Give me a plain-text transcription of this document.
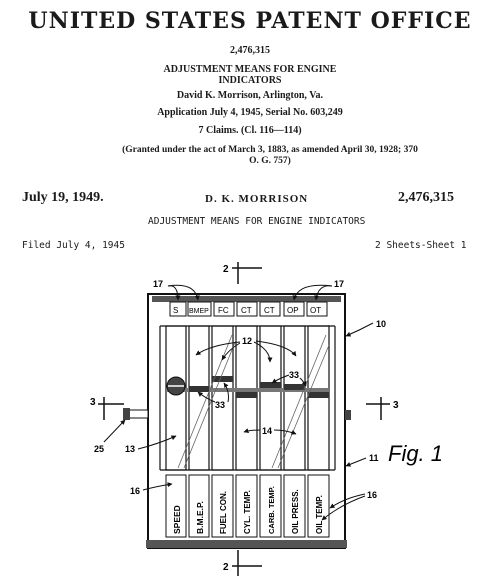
UNITED STATES PATENT OFFICE
2,476,315
ADJUSTMENT MEANS FOR ENGINE INDICATORS
David K. Morrison, Arlington, Va.
Application July 4, 1945, Serial No. 603,249
7 Claims. (Cl. 116—114)
(Granted under the act of March 3, 1883, as amended April 30, 1928; 370 O. G. 757)
July 19, 1949.	D. K. MORRISON	2,476,315
ADJUSTMENT MEANS FOR ENGINE INDICATORS
Filed July 4, 1945	2 Sheets-Sheet 1
2
S BMEP FC CT CT OP OT
25
3	3
SPEED B.M.E.P. FUEL CON. CYL. TEMP. CARB. TEMP. OIL PRESS. OIL TEMP.
2
17	17
10
12
33
33
14
13
11
16	16
Fig. 1
